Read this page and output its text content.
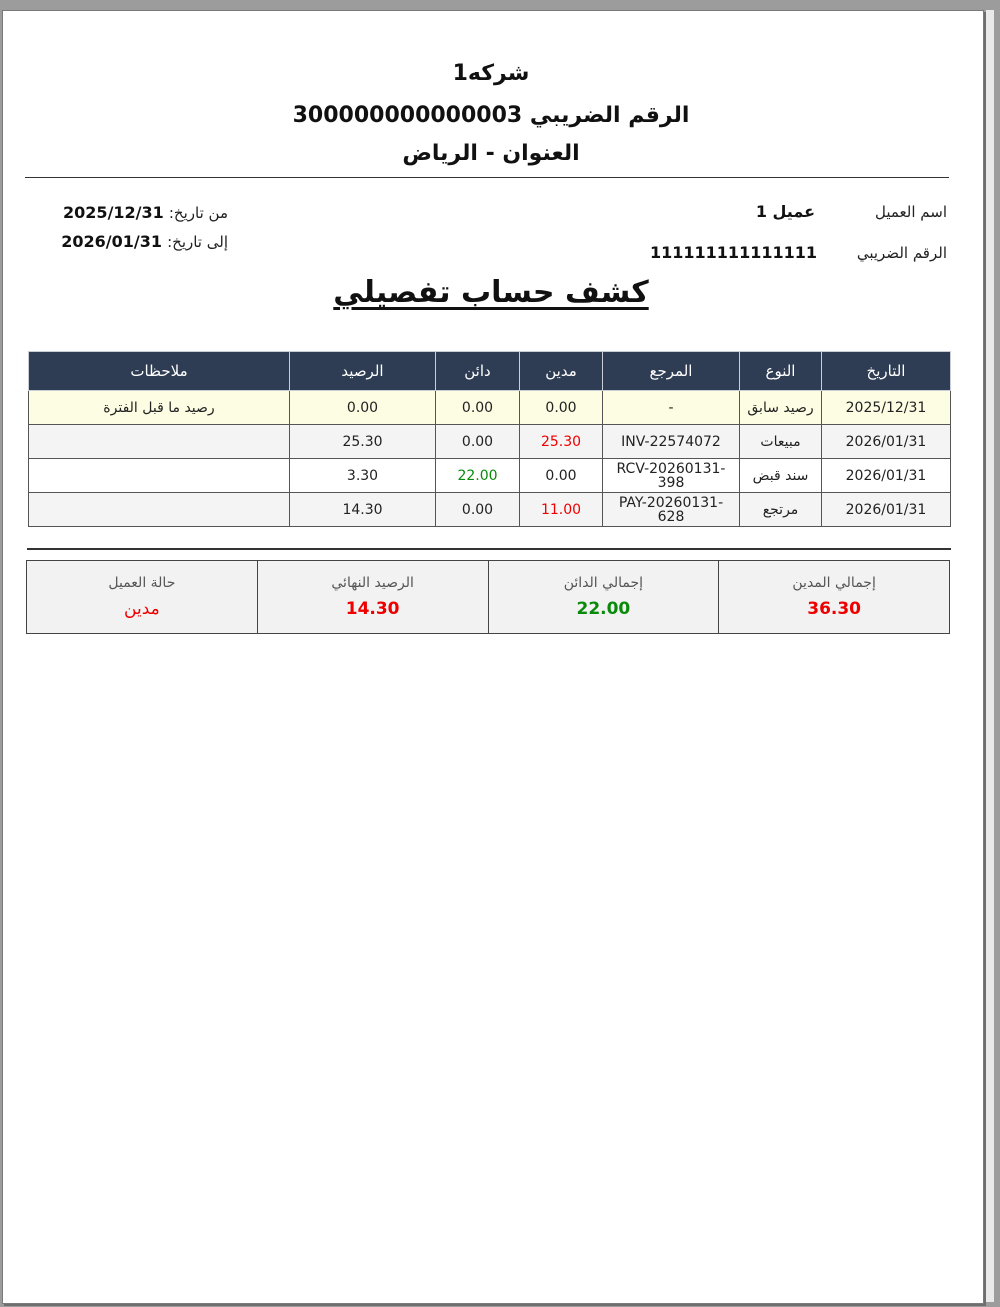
شركه1
الرقم الضريبي 300000000000003
العنوان - الرياض
اسم العميل
عميل 1
الرقم الضريبي
111111111111111
من تاريخ: 2025/12/31
إلى تاريخ: 2026/01/31
كشف حساب تفصيلي
التاريخ	النوع	المرجع	مدين	دائن	الرصيد	ملاحظات
2025/12/31	رصيد سابق	-	0.00	0.00	0.00	رصيد ما قبل الفترة
2026/01/31	مبيعات	INV-22574072	25.30	0.00	25.30	
2026/01/31	سند قبض	RCV-20260131-398	0.00	22.00	3.30	
2026/01/31	مرتجع	PAY-20260131-628	11.00	0.00	14.30	
إجمالي المدين
36.30

إجمالي الدائن
22.00

الرصيد النهائي
14.30

حالة العميل
مدين
